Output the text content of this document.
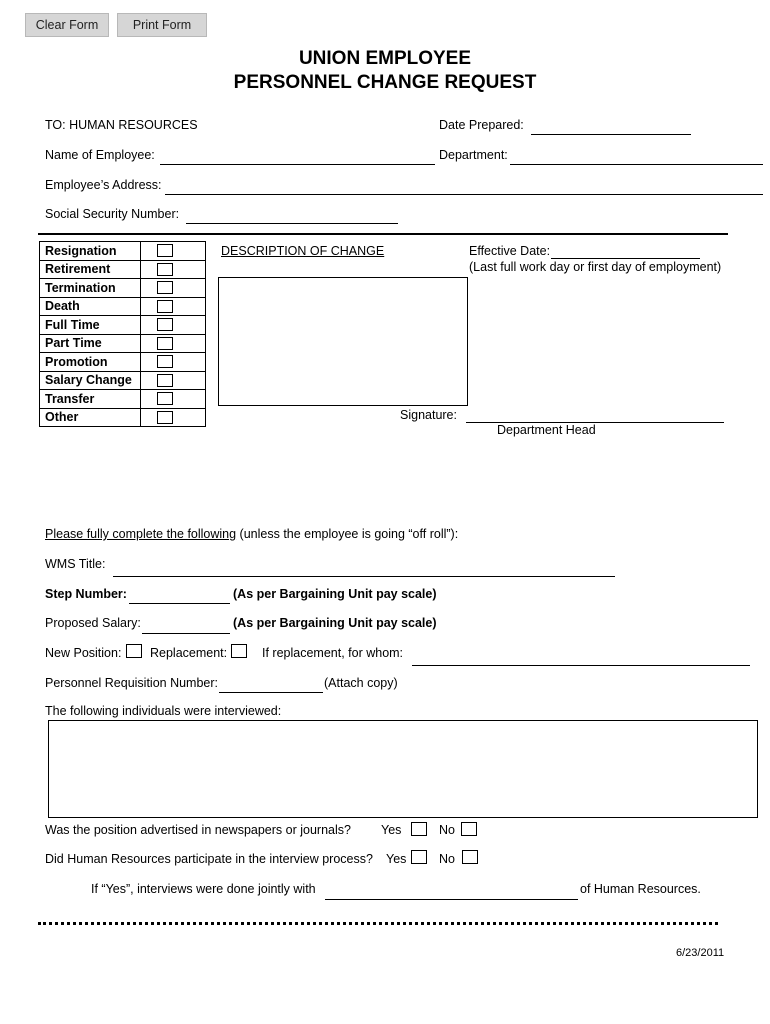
Clear Form	Print Form
UNION EMPLOYEE
PERSONNEL CHANGE REQUEST
TO: HUMAN RESOURCES	Date Prepared:
Name of Employee:	Department:
Employee’s Address:
Social Security Number:
Resignation	

Retirement	

Termination	

Death	

Full Time	

Part Time	

Promotion	

Salary Change	

Transfer	

Other	
DESCRIPTION OF CHANGE	Effective Date:
(Last full work day or first day of employment)
Signature:
Department Head
Please fully complete the following (unless the employee is going “off roll”):
WMS Title:
Step Number:	(As per Bargaining Unit pay scale)
Proposed Salary:	(As per Bargaining Unit pay scale)
New Position: Replacement:	If replacement, for whom:
Personnel Requisition Number:	(Attach copy)
The following individuals were interviewed:
Was the position advertised in newspapers or journals? Yes	No
Did Human Resources participate in the interview process? Yes	No
If “Yes”, interviews were done jointly with	of Human Resources.
6/23/2011
